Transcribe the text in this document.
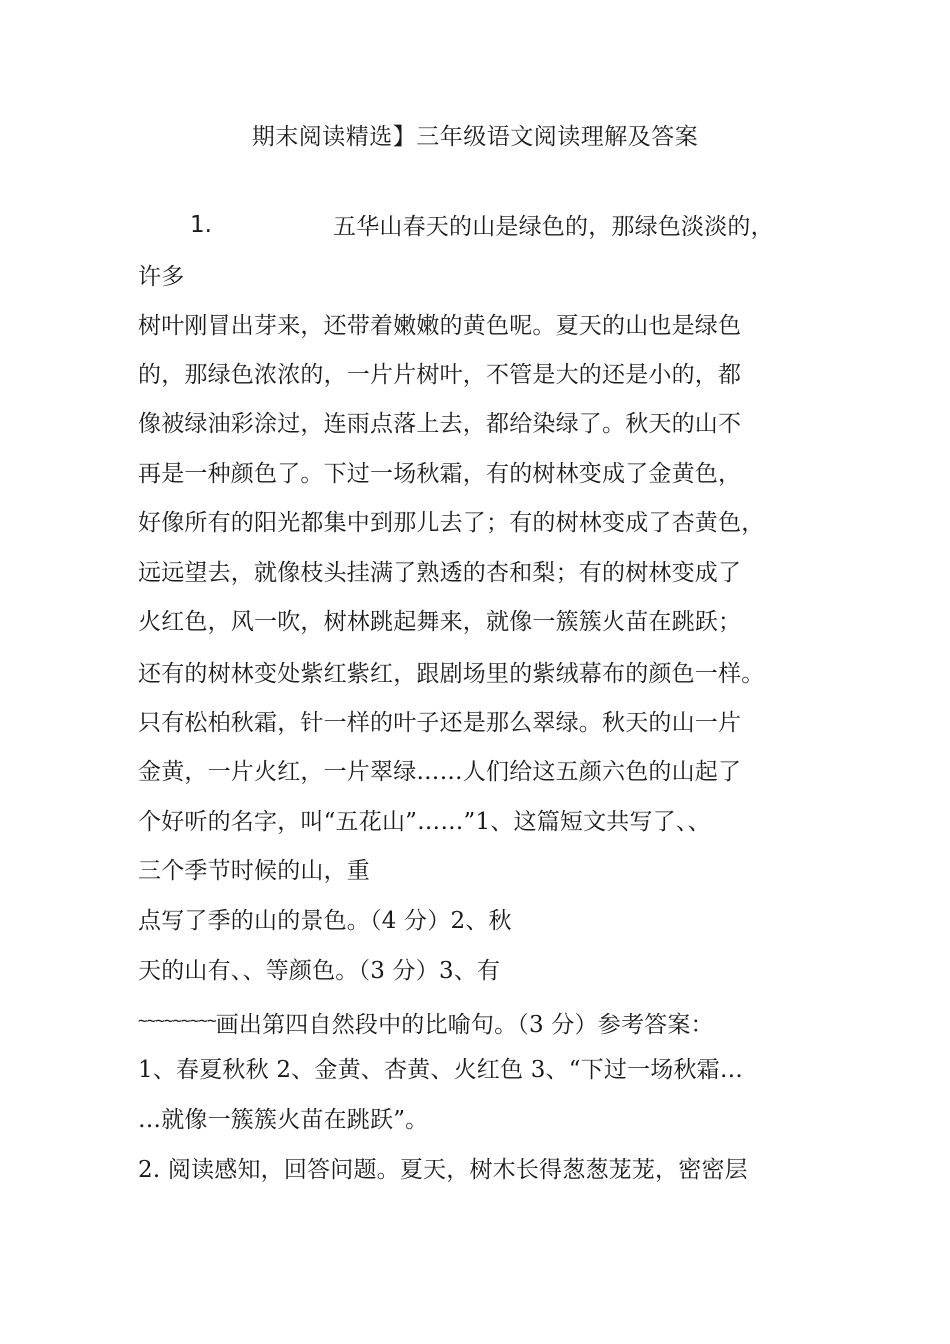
期末阅读精选】三年级语文阅读理解及答案
1.	五华山春天的山是绿色的，那绿色淡淡的，
许多
树叶刚冒出芽来，还带着嫩嫩的黄色呢。夏天的山也是绿色
的，那绿色浓浓的，一片片树叶，不管是大的还是小的，都
像被绿油彩涂过，连雨点落上去，都给染绿了。秋天的山不
再是一种颜色了。下过一场秋霜，有的树林变成了金黄色，
好像所有的阳光都集中到那儿去了；有的树林变成了杏黄色，
远远望去，就像枝头挂满了熟透的杏和梨；有的树林变成了
火红色，风一吹，树林跳起舞来，就像一簇簇火苗在跳跃；
还有的树林变处紫红紫红，跟剧场里的紫绒幕布的颜色一样。
只有松柏秋霜，针一样的叶子还是那么翠绿。秋天的山一片
金黄，一片火红，一片翠绿……人们给这五颜六色的山起了
个好听的名字，叫“五花山”……”1、这篇短文共写了、、
三个季节时候的山，重
点写了季的山的景色。（4 分）2、秋
天的山有、、等颜色。（3 分）3、有
~~~~~~~~~画出第四自然段中的比喻句。（3 分）参考答案：
1、春夏秋秋 2、金黄、杏黄、火红色 3、“下过一场秋霜…
…就像一簇簇火苗在跳跃”。
2. 阅读感知，回答问题。夏天，树木长得葱葱茏茏，密密层
